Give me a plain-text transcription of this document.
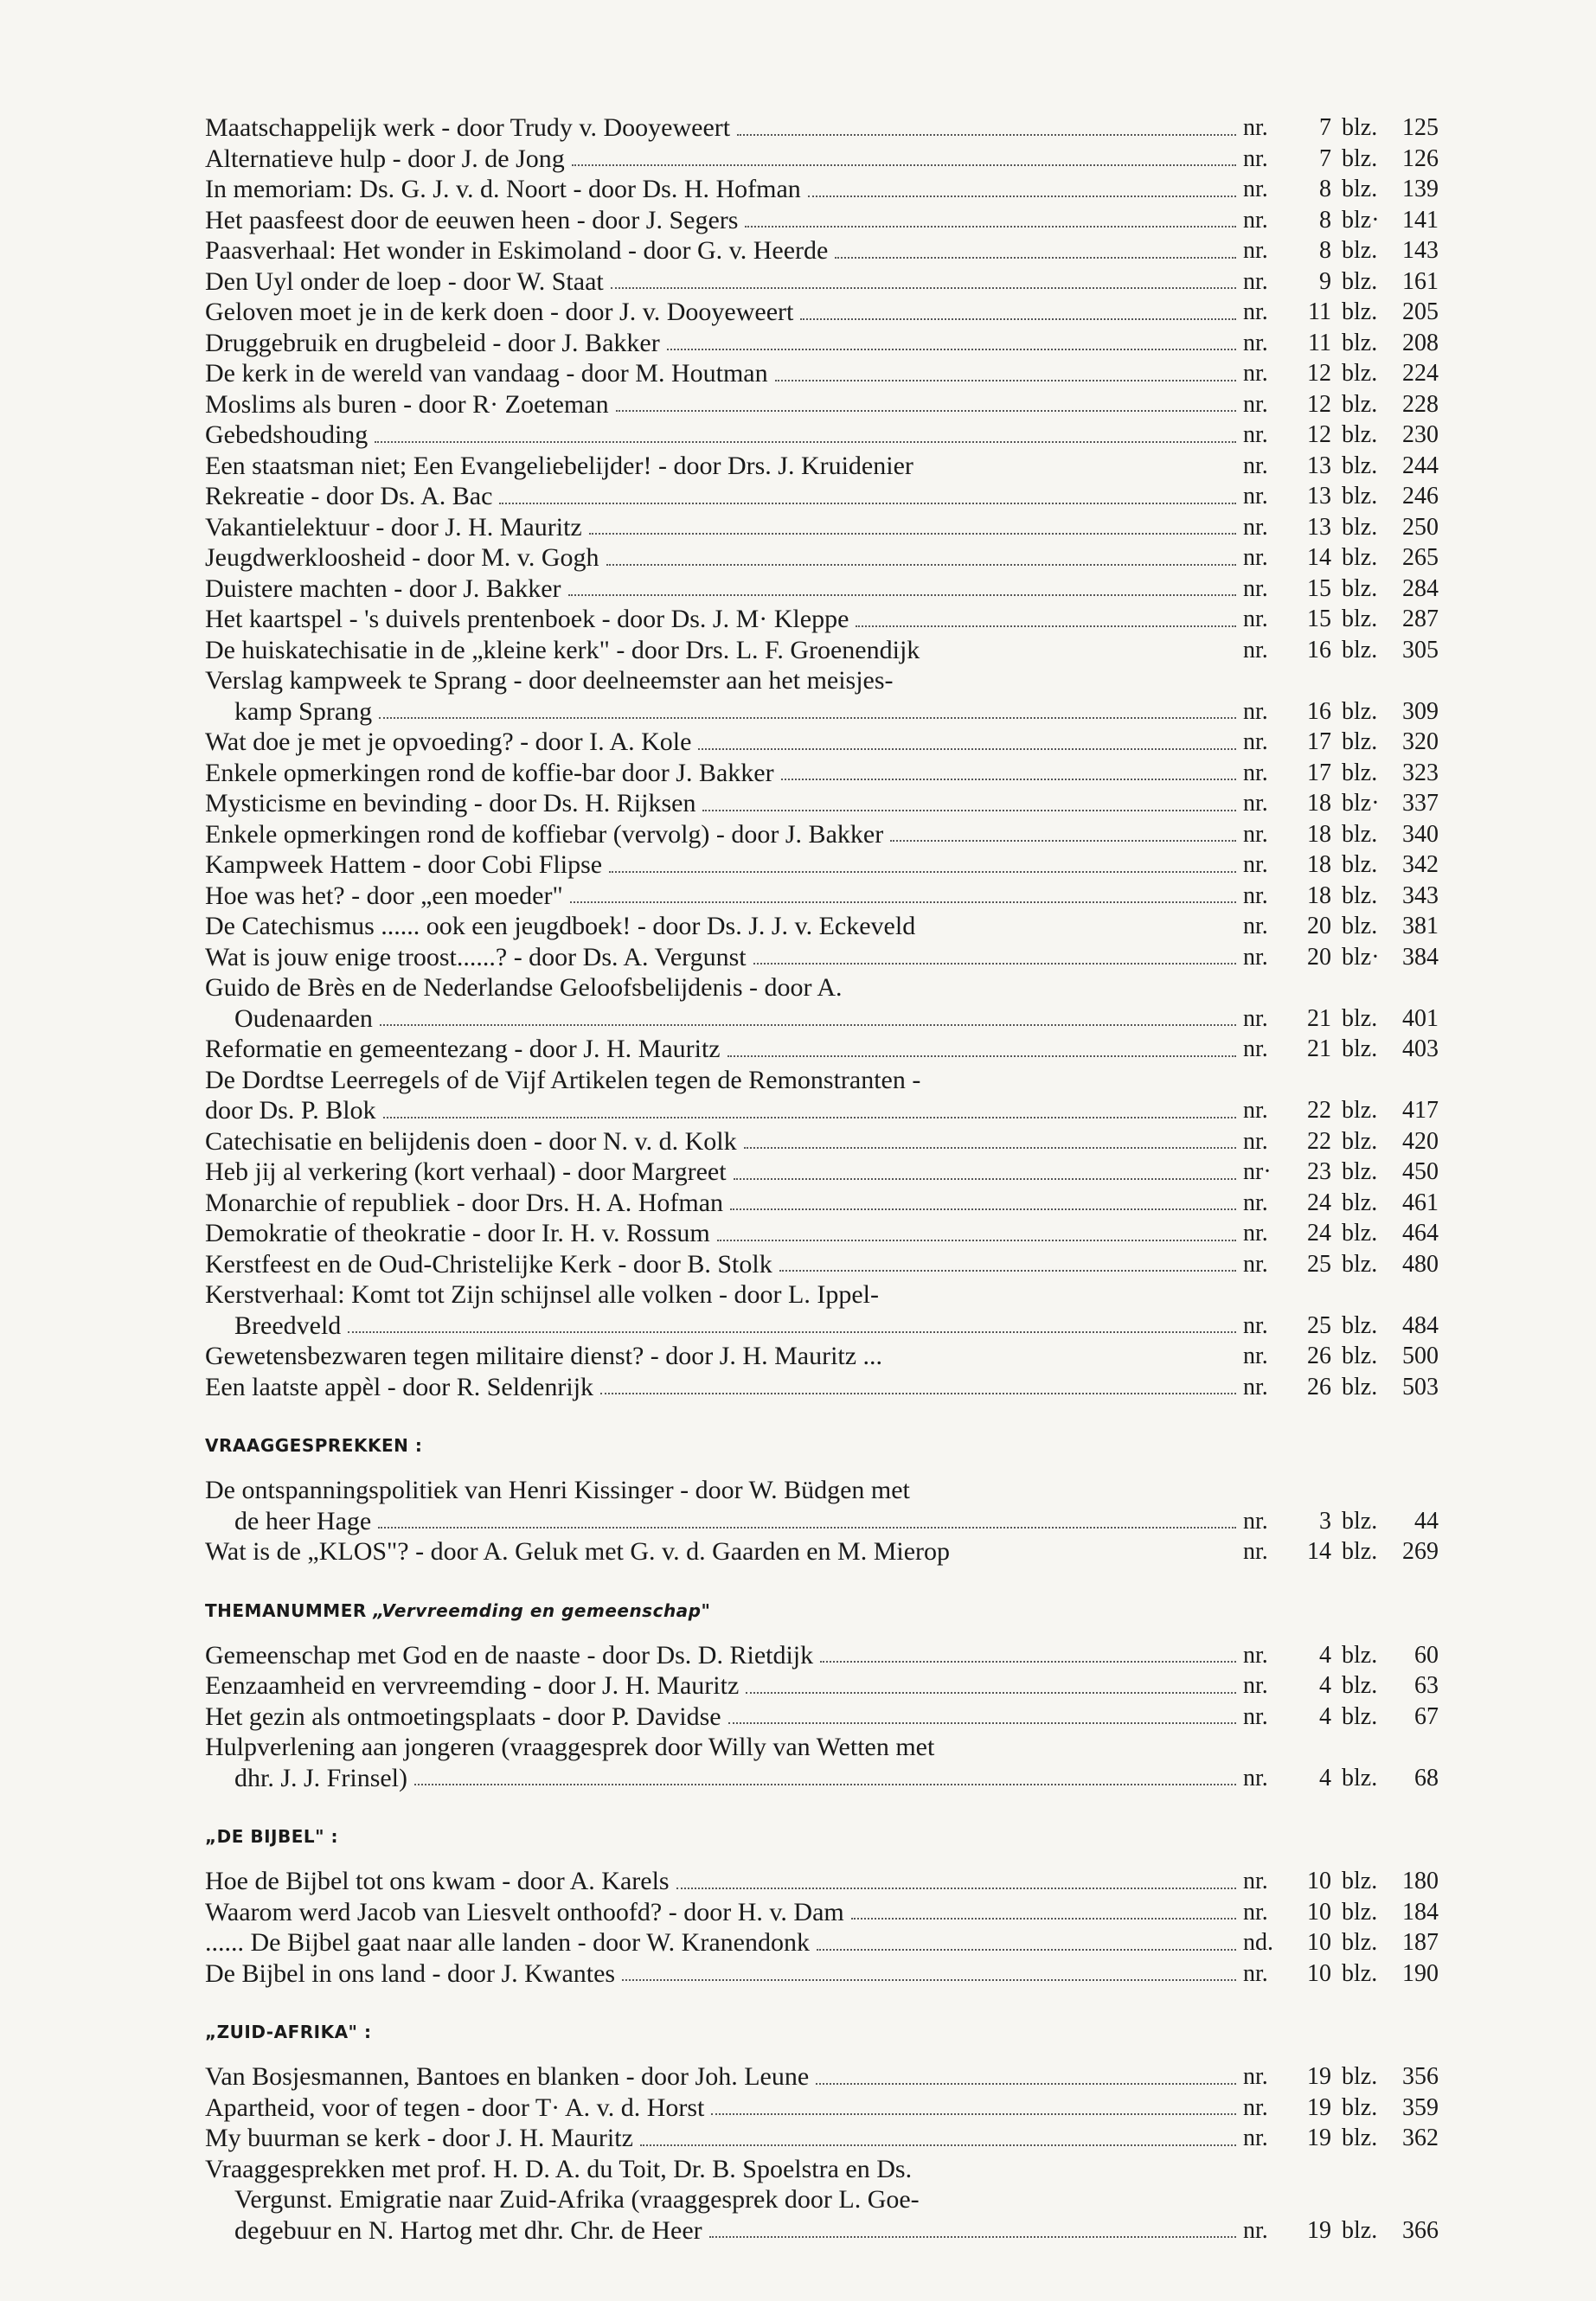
Maatschappelijk werk - door Trudy v. Dooyeweert	nr.	7 blz.	125
Alternatieve hulp - door J. de Jong	nr.	7 blz.	126
In memoriam: Ds. G. J. v. d. Noort - door Ds. H. Hofman	nr.	8 blz.	139
Het paasfeest door de eeuwen heen - door J. Segers	nr.	8 blz· 141
Paasverhaal: Het wonder in Eskimoland - door G. v. Heerde	nr.	8 blz.	143
Den Uyl onder de loep - door W. Staat	nr.	9 blz.	161
Geloven moet je in de kerk doen - door J. v. Dooyeweert	nr.	11 blz.	205
Druggebruik en drugbeleid - door J. Bakker	nr.	11 blz.	208
De kerk in de wereld van vandaag - door M. Houtman	nr.	12 blz.	224
Moslims als buren - door R· Zoeteman	nr.	12 blz.	228
Gebedshouding	nr.	12 blz.	230
Een staatsman niet; Een Evangeliebelijder! - door Drs. J. Kruidenier	nr.	13 blz.	244
Rekreatie - door Ds. A. Bac	nr.	13 blz.	246
Vakantielektuur - door J. H. Mauritz	nr.	13 blz.	250
Jeugdwerkloosheid - door M. v. Gogh	nr.	14 blz.	265
Duistere machten - door J. Bakker	nr.	15 blz.	284
Het kaartspel - 's duivels prentenboek - door Ds. J. M· Kleppe	nr.	15 blz.	287
De huiskatechisatie in de „kleine kerk" - door Drs. L. F. Groenendijk	nr.	16 blz.	305
Verslag kampweek te Sprang - door deelneemster aan het meisjes-
kamp Sprang	nr.	16 blz.	309
Wat doe je met je opvoeding? - door I. A. Kole	nr.	17 blz.	320
Enkele opmerkingen rond de koffie-bar door J. Bakker	nr.	17 blz.	323
Mysticisme en bevinding - door Ds. H. Rijksen	nr.	18 blz· 337
Enkele opmerkingen rond de koffiebar (vervolg) - door J. Bakker	nr.	18 blz.	340
Kampweek Hattem - door Cobi Flipse	nr.	18 blz.	342
Hoe was het? - door „een moeder"	nr.	18 blz.	343
De Catechismus ...... ook een jeugdboek! - door Ds. J. J. v. Eckeveld	nr.	20 blz.	381
Wat is jouw enige troost......? - door Ds. A. Vergunst	nr.	20 blz· 384
Guido de Brès en de Nederlandse Geloofsbelijdenis - door A.
Oudenaarden	nr.	21 blz.	401
Reformatie en gemeentezang - door J. H. Mauritz	nr.	21 blz.	403
De Dordtse Leerregels of de Vijf Artikelen tegen de Remonstranten -
door Ds. P. Blok	nr.	22 blz.	417
Catechisatie en belijdenis doen - door N. v. d. Kolk	nr.	22 blz.	420
Heb jij al verkering (kort verhaal) - door Margreet	nr·	23 blz.	450
Monarchie of republiek - door Drs. H. A. Hofman	nr.	24 blz.	461
Demokratie of theokratie - door Ir. H. v. Rossum	nr.	24 blz.	464
Kerstfeest en de Oud-Christelijke Kerk - door B. Stolk	nr.	25 blz.	480
Kerstverhaal: Komt tot Zijn schijnsel alle volken - door L. Ippel-
Breedveld	nr.	25 blz.	484
Gewetensbezwaren tegen militaire dienst? - door J. H. Mauritz ...	nr.	26 blz.	500
Een laatste appèl - door R. Seldenrijk	nr.	26 blz.	503
VRAAGGESPREKKEN :
De ontspanningspolitiek van Henri Kissinger - door W. Büdgen met
de heer Hage	nr.	3 blz.	44
Wat is de „KLOS"? - door A. Geluk met G. v. d. Gaarden en M. Mierop	nr.	14 blz.	269
THEMANUMMER „Vervreemding en gemeenschap"
Gemeenschap met God en de naaste - door Ds. D. Rietdijk	nr.	4 blz.	60
Eenzaamheid en vervreemding - door J. H. Mauritz	nr.	4 blz.	63
Het gezin als ontmoetingsplaats - door P. Davidse	nr.	4 blz.	67
Hulpverlening aan jongeren (vraaggesprek door Willy van Wetten met
dhr. J. J. Frinsel)	nr.	4 blz.	68
„DE BIJBEL" :
Hoe de Bijbel tot ons kwam - door A. Karels	nr.	10 blz.	180
Waarom werd Jacob van Liesvelt onthoofd? - door H. v. Dam	nr.	10 blz.	184
...... De Bijbel gaat naar alle landen - door W. Kranendonk	nd.	10 blz.	187
De Bijbel in ons land - door J. Kwantes	nr.	10 blz.	190
„ZUID-AFRIKA" :
Van Bosjesmannen, Bantoes en blanken - door Joh. Leune	nr.	19 blz.	356
Apartheid, voor of tegen - door T· A. v. d. Horst	nr.	19 blz.	359
My buurman se kerk - door J. H. Mauritz	nr.	19 blz.	362
Vraaggesprekken met prof. H. D. A. du Toit, Dr. B. Spoelstra en Ds.
Vergunst. Emigratie naar Zuid-Afrika (vraaggesprek door L. Goe-
degebuur en N. Hartog met dhr. Chr. de Heer	nr.	19 blz.	366
